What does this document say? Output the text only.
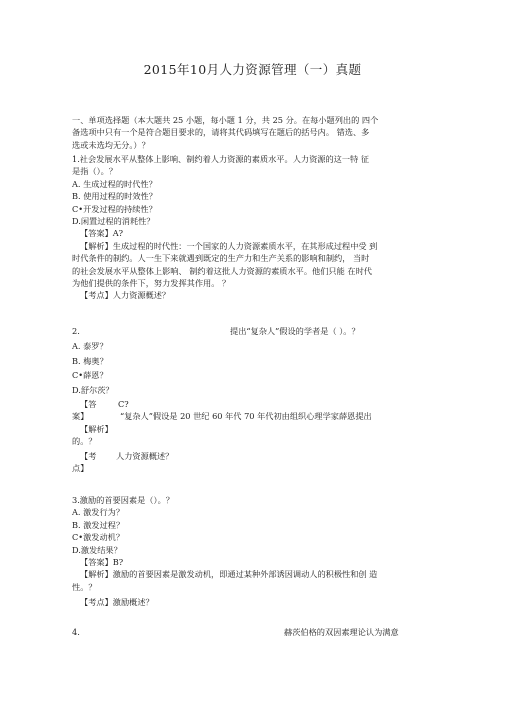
2015年10月人力资源管理（一）真题
一、单项选择题（本大题共 25 小题，每小题 1 分，共 25 分。在每小题列出的 四个
备选项中只有一个是符合题目要求的，请将其代码填写在题后的括号内。 错选、多
选或未选均无分。）？
1.社会发展水平从整体上影响、制约着人力资源的素质水平。人力资源的这一特 征
是指（）。？
A. 生成过程的时代性？
B. 使用过程的时效性？
C•开发过程的持续性？
D.闲置过程的消耗性？
【答案】A?
【解析】生成过程的时代性：一个国家的人力资源素质水平，在其形成过程中受 到
时代条件的制约。人一生下来就遇到既定的生产力和生产关系的影响和制约， 当时
的社会发展水平从整体上影响、 制约着这批人力资源的素质水平。他们只能 在时代
为他们提供的条件下，努力发挥其作用。 ？
【考点】人力资源概述？
2.	提出“复杂人”假设的学者是（ ）。？
A. 泰罗？
B. 梅奥？
C•薛恩？
D.舒尔茨？
【答	C?
案】	“复杂人”假设是 20 世纪 60 年代 70 年代初由组织心理学家薛恩提出
【解析】
的。？
【考 人力资源概述？
点】
3.激励的首要因素是（）。？
A. 激发行为？
B. 激发过程？
C•激发动机？
D.激发结果？
【答案】B?
【解析】激励的首要因素是激发动机，即通过某种外部诱因调动人的积极性和创 造
性。？
【考点】激励概述？
4.	赫茨伯格的双因素理论认为满意
